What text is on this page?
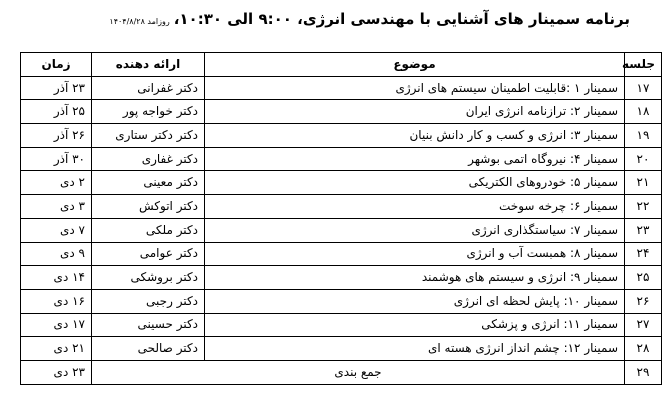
برنامه سمینار های آشنایی با مهندسی انرژی، ۹:۰۰ الی ۱۰:۳۰،
روزامد ۱۴۰۴/۸/۲۸
جلسه	موضوع	ارائه دهنده	زمان
۱۷	سمینار ۱ :قابلیت اطمینان سیستم های انرژی	دکتر غفرانی	۲۳ آذر
۱۸	سمینار ۲: ترازنامه انرژی ایران	دکتر خواجه پور	۲۵ آذر
۱۹	سمینار ۳: انرژی و کسب و کار دانش بنیان	دکتر دکتر ستاری	۲۶ آذر
۲۰	سمینار ۴: نیروگاه اتمی بوشهر	دکتر غفاری	۳۰ آذر
۲۱	سمینار ۵: خودروهای الکتریکی	دکتر معینی	۲ دی
۲۲	سمینار ۶: چرخه سوخت	دکتر اتوکش	۳ دی
۲۳	سمینار ۷: سیاستگذاری انرژی	دکتر ملکی	۷ دی
۲۴	سمینار ۸: همبست آب و انرژی	دکتر عوامی	۹ دی
۲۵	سمینار ۹: انرژی و سیستم های هوشمند	دکتر بروشکی	۱۴ دی
۲۶	سمینار ۱۰: پایش لحظه ای انرژی	دکتر رجبی	۱۶ دی
۲۷	سمینار ۱۱: انرژی و پزشکی	دکتر حسینی	۱۷ دی
۲۸	سمینار ۱۲: چشم انداز انرژی هسته ای	دکتر صالحی	۲۱ دی
۲۹	جمع بندی		۲۳ دی
